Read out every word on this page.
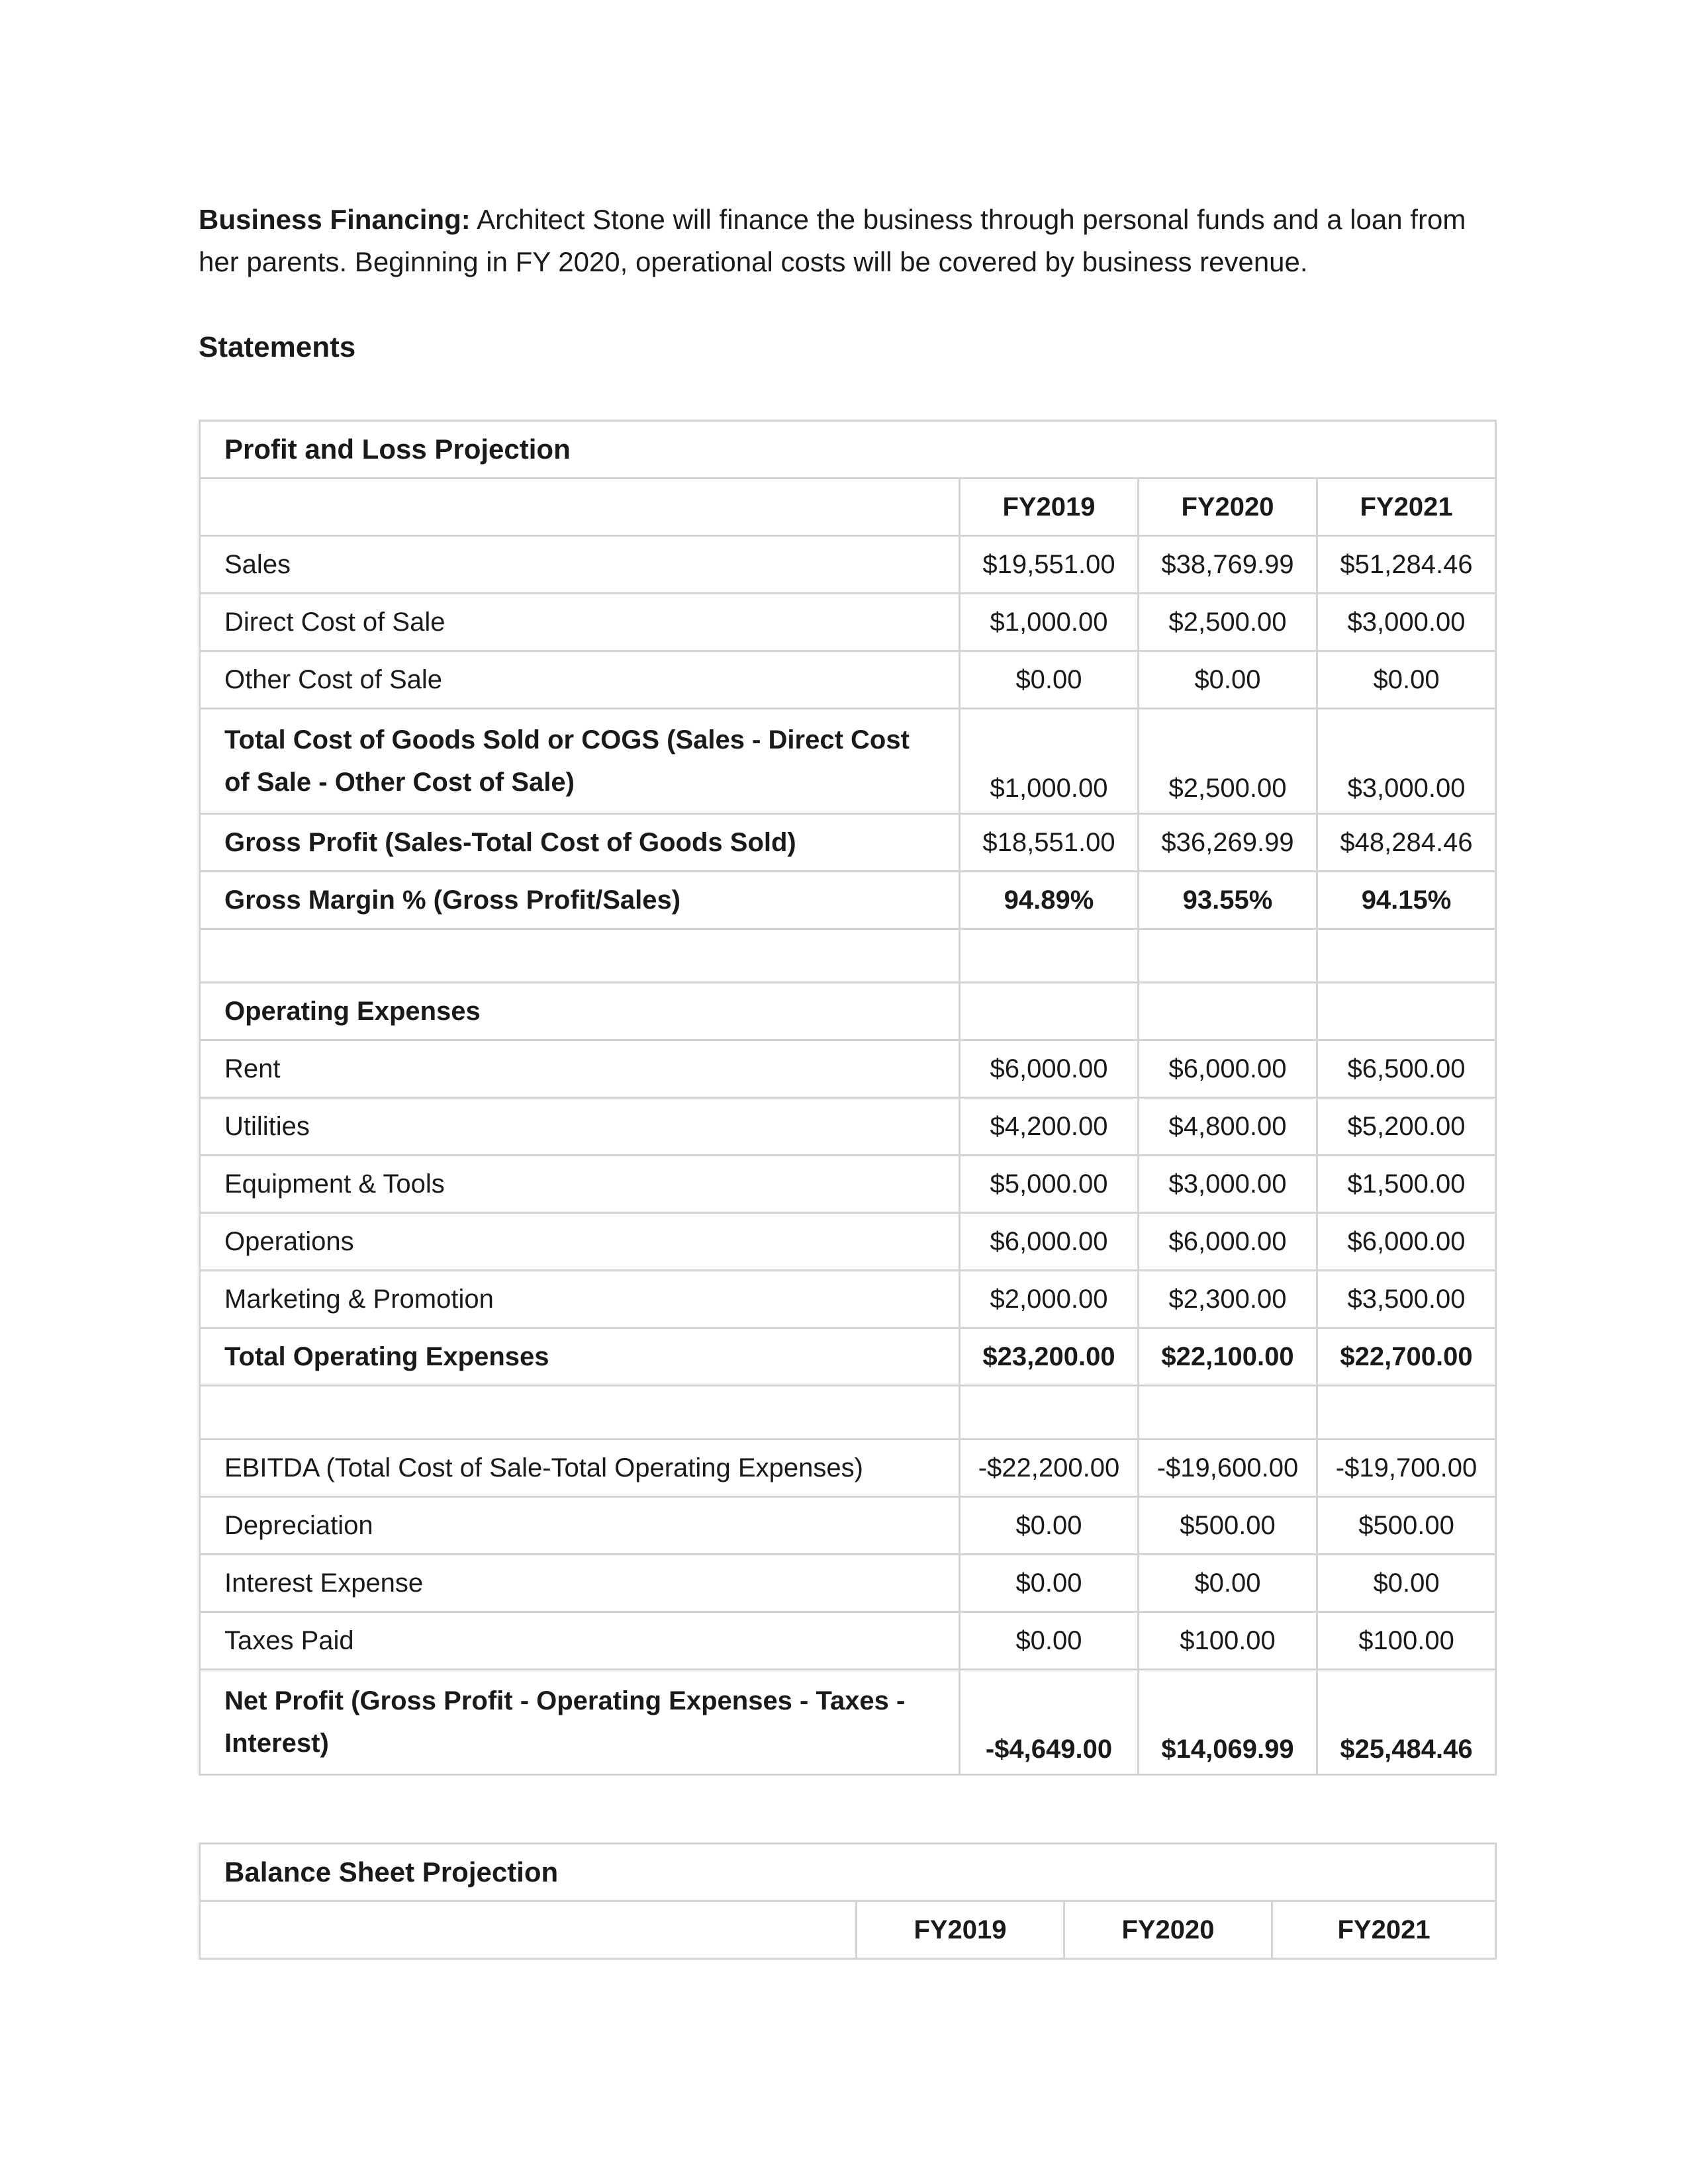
Business Financing: Architect Stone will finance the business through personal funds and a loan from her parents. Beginning in FY 2020, operational costs will be covered by business revenue.

Statements
Profit and Loss Projection			
	FY2019	FY2020	FY2021
Sales	$19,551.00	$38,769.99	$51,284.46
Direct Cost of Sale	$1,000.00	$2,500.00	$3,000.00
Other Cost of Sale	$0.00	$0.00	$0.00
Total Cost of Goods Sold or COGS (Sales - Direct Cost of Sale - Other Cost of Sale)	$1,000.00	$2,500.00	$3,000.00
Gross Profit (Sales-Total Cost of Goods Sold)	$18,551.00	$36,269.99	$48,284.46
Gross Margin % (Gross Profit/Sales)	94.89%	93.55%	94.15%

Operating Expenses			
Rent	$6,000.00	$6,000.00	$6,500.00
Utilities	$4,200.00	$4,800.00	$5,200.00
Equipment & Tools	$5,000.00	$3,000.00	$1,500.00
Operations	$6,000.00	$6,000.00	$6,000.00
Marketing & Promotion	$2,000.00	$2,300.00	$3,500.00
Total Operating Expenses	$23,200.00	$22,100.00	$22,700.00

EBITDA (Total Cost of Sale-Total Operating Expenses)	-$22,200.00	-$19,600.00	-$19,700.00
Depreciation	$0.00	$500.00	$500.00
Interest Expense	$0.00	$0.00	$0.00
Taxes Paid	$0.00	$100.00	$100.00
Net Profit (Gross Profit - Operating Expenses - Taxes - Interest)	-$4,649.00	$14,069.99	$25,484.46
Balance Sheet Projection
	FY2019	FY2020	FY2021
